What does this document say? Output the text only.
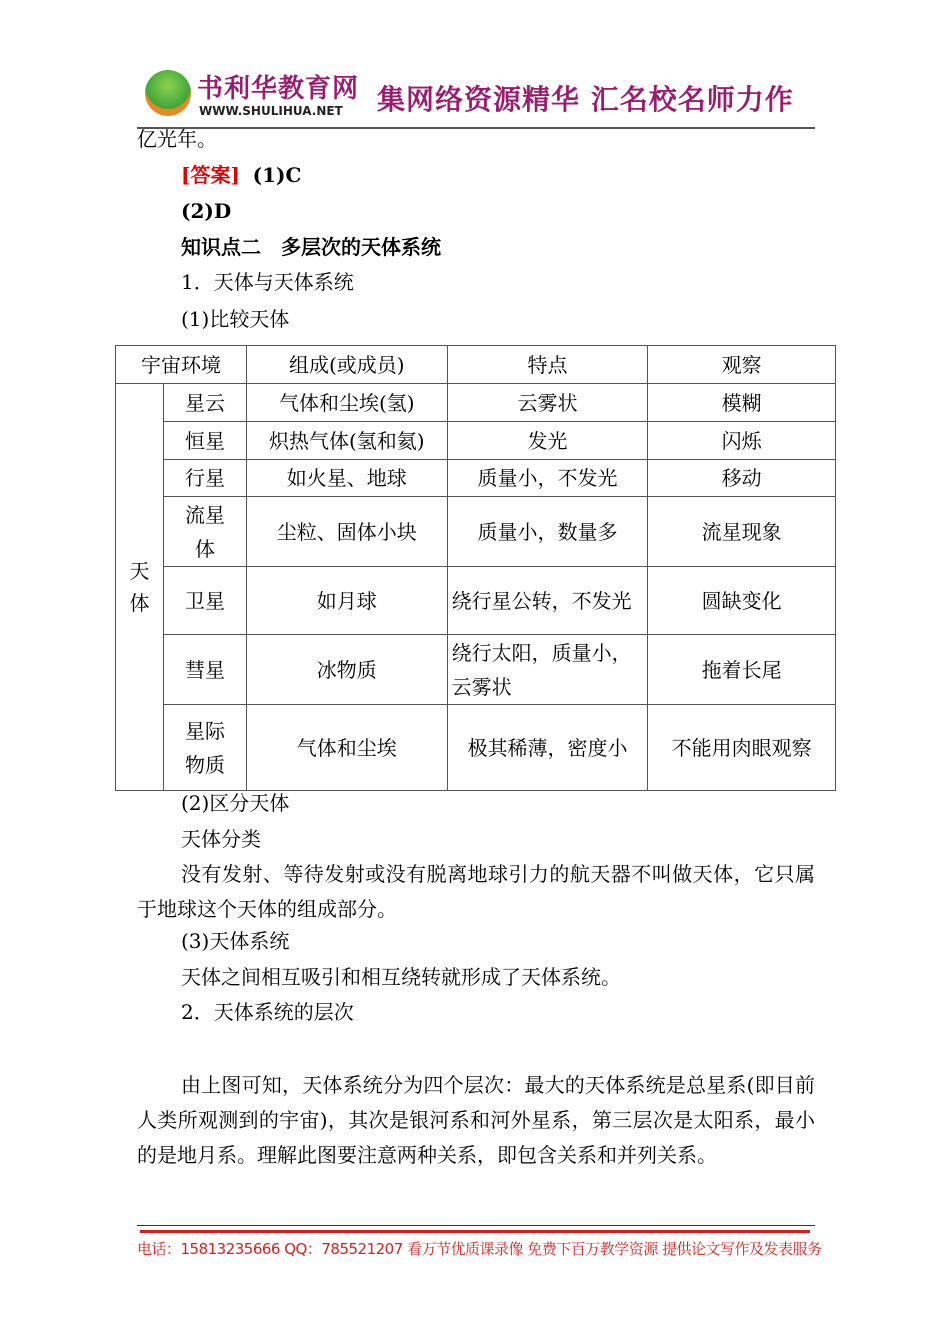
书利华教育网
WWW.SHULIHUA.NET 集网络资源精华 汇名校名师力作
亿光年。
[答案] (1)C
(2)D
知识点二　多层次的天体系统
1．天体与天体系统
(1)比较天体
宇宙环境		组成(或成员)	特点	观察
天体	星云	气体和尘埃(氢)	云雾状	模糊
	恒星	炽热气体(氢和氦)	发光	闪烁
	行星	如火星、地球	质量小，不发光	移动
	流星体	尘粒、固体小块	质量小，数量多	流星现象
	卫星	如月球	绕行星公转，不发光	圆缺变化
	彗星	冰物质	绕行太阳，质量小，云雾状	拖着长尾
	星际物质	气体和尘埃	极其稀薄，密度小	不能用肉眼观察
(2)区分天体
天体分类
没有发射、等待发射或没有脱离地球引力的航天器不叫做天体，它只属于地球这个天体的组成部分。
(3)天体系统
天体之间相互吸引和相互绕转就形成了天体系统。
2．天体系统的层次
由上图可知，天体系统分为四个层次：最大的天体系统是总星系(即目前人类所观测到的宇宙)，其次是银河系和河外星系，第三层次是太阳系，最小的是地月系。理解此图要注意两种关系，即包含关系和并列关系。
电话：15813235666 QQ：785521207 看万节优质课录像 免费下百万教学资源 提供论文写作及发表服务
